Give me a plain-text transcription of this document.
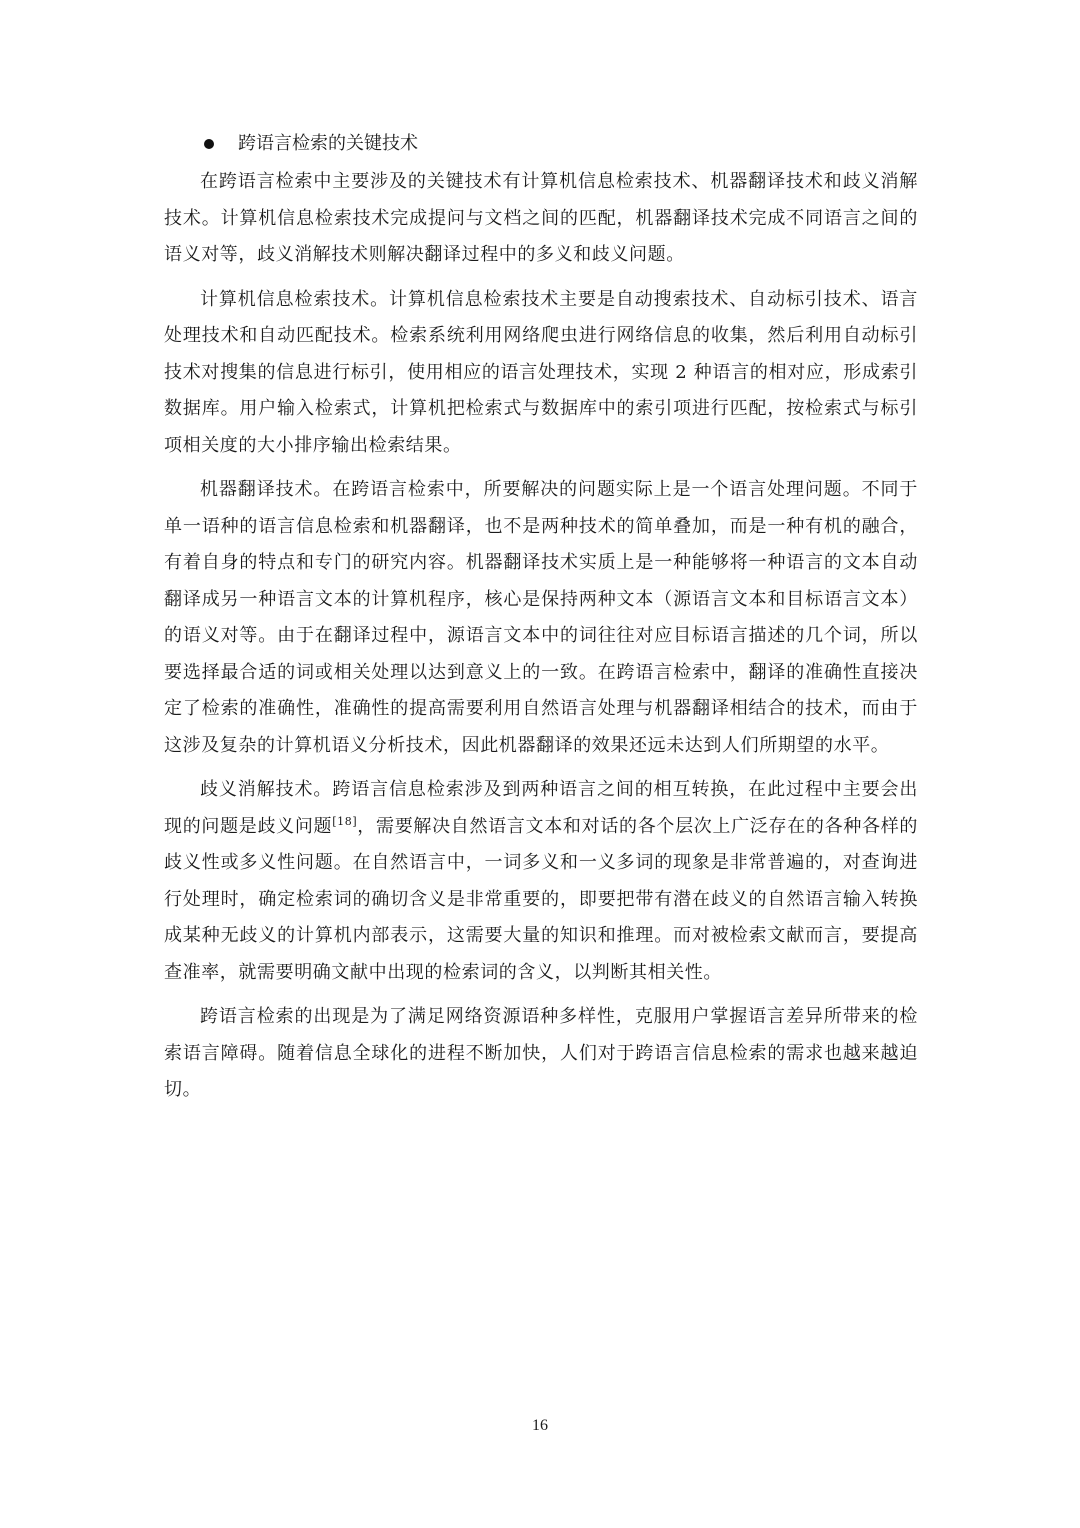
跨语言检索的关键技术

在跨语言检索中主要涉及的关键技术有计算机信息检索技术、机器翻译技术和歧义消解技术。计算机信息检索技术完成提问与文档之间的匹配，机器翻译技术完成不同语言之间的语义对等，歧义消解技术则解决翻译过程中的多义和歧义问题。

计算机信息检索技术。计算机信息检索技术主要是自动搜索技术、自动标引技术、语言处理技术和自动匹配技术。检索系统利用网络爬虫进行网络信息的收集，然后利用自动标引技术对搜集的信息进行标引，使用相应的语言处理技术，实现 2 种语言的相对应，形成索引数据库。用户输入检索式，计算机把检索式与数据库中的索引项进行匹配，按检索式与标引项相关度的大小排序输出检索结果。

机器翻译技术。在跨语言检索中，所要解决的问题实际上是一个语言处理问题。不同于单一语种的语言信息检索和机器翻译，也不是两种技术的简单叠加，而是一种有机的融合，有着自身的特点和专门的研究内容。机器翻译技术实质上是一种能够将一种语言的文本自动翻译成另一种语言文本的计算机程序，核心是保持两种文本（源语言文本和目标语言文本）的语义对等。由于在翻译过程中，源语言文本中的词往往对应目标语言描述的几个词，所以要选择最合适的词或相关处理以达到意义上的一致。在跨语言检索中，翻译的准确性直接决定了检索的准确性，准确性的提高需要利用自然语言处理与机器翻译相结合的技术，而由于这涉及复杂的计算机语义分析技术，因此机器翻译的效果还远未达到人们所期望的水平。

歧义消解技术。跨语言信息检索涉及到两种语言之间的相互转换，在此过程中主要会出现的问题是歧义问题[18]，需要解决自然语言文本和对话的各个层次上广泛存在的各种各样的歧义性或多义性问题。在自然语言中，一词多义和一义多词的现象是非常普遍的，对查询进行处理时，确定检索词的确切含义是非常重要的，即要把带有潜在歧义的自然语言输入转换成某种无歧义的计算机内部表示，这需要大量的知识和推理。而对被检索文献而言，要提高查准率，就需要明确文献中出现的检索词的含义，以判断其相关性。

跨语言检索的出现是为了满足网络资源语种多样性，克服用户掌握语言差异所带来的检索语言障碍。随着信息全球化的进程不断加快，人们对于跨语言信息检索的需求也越来越迫切。

16
